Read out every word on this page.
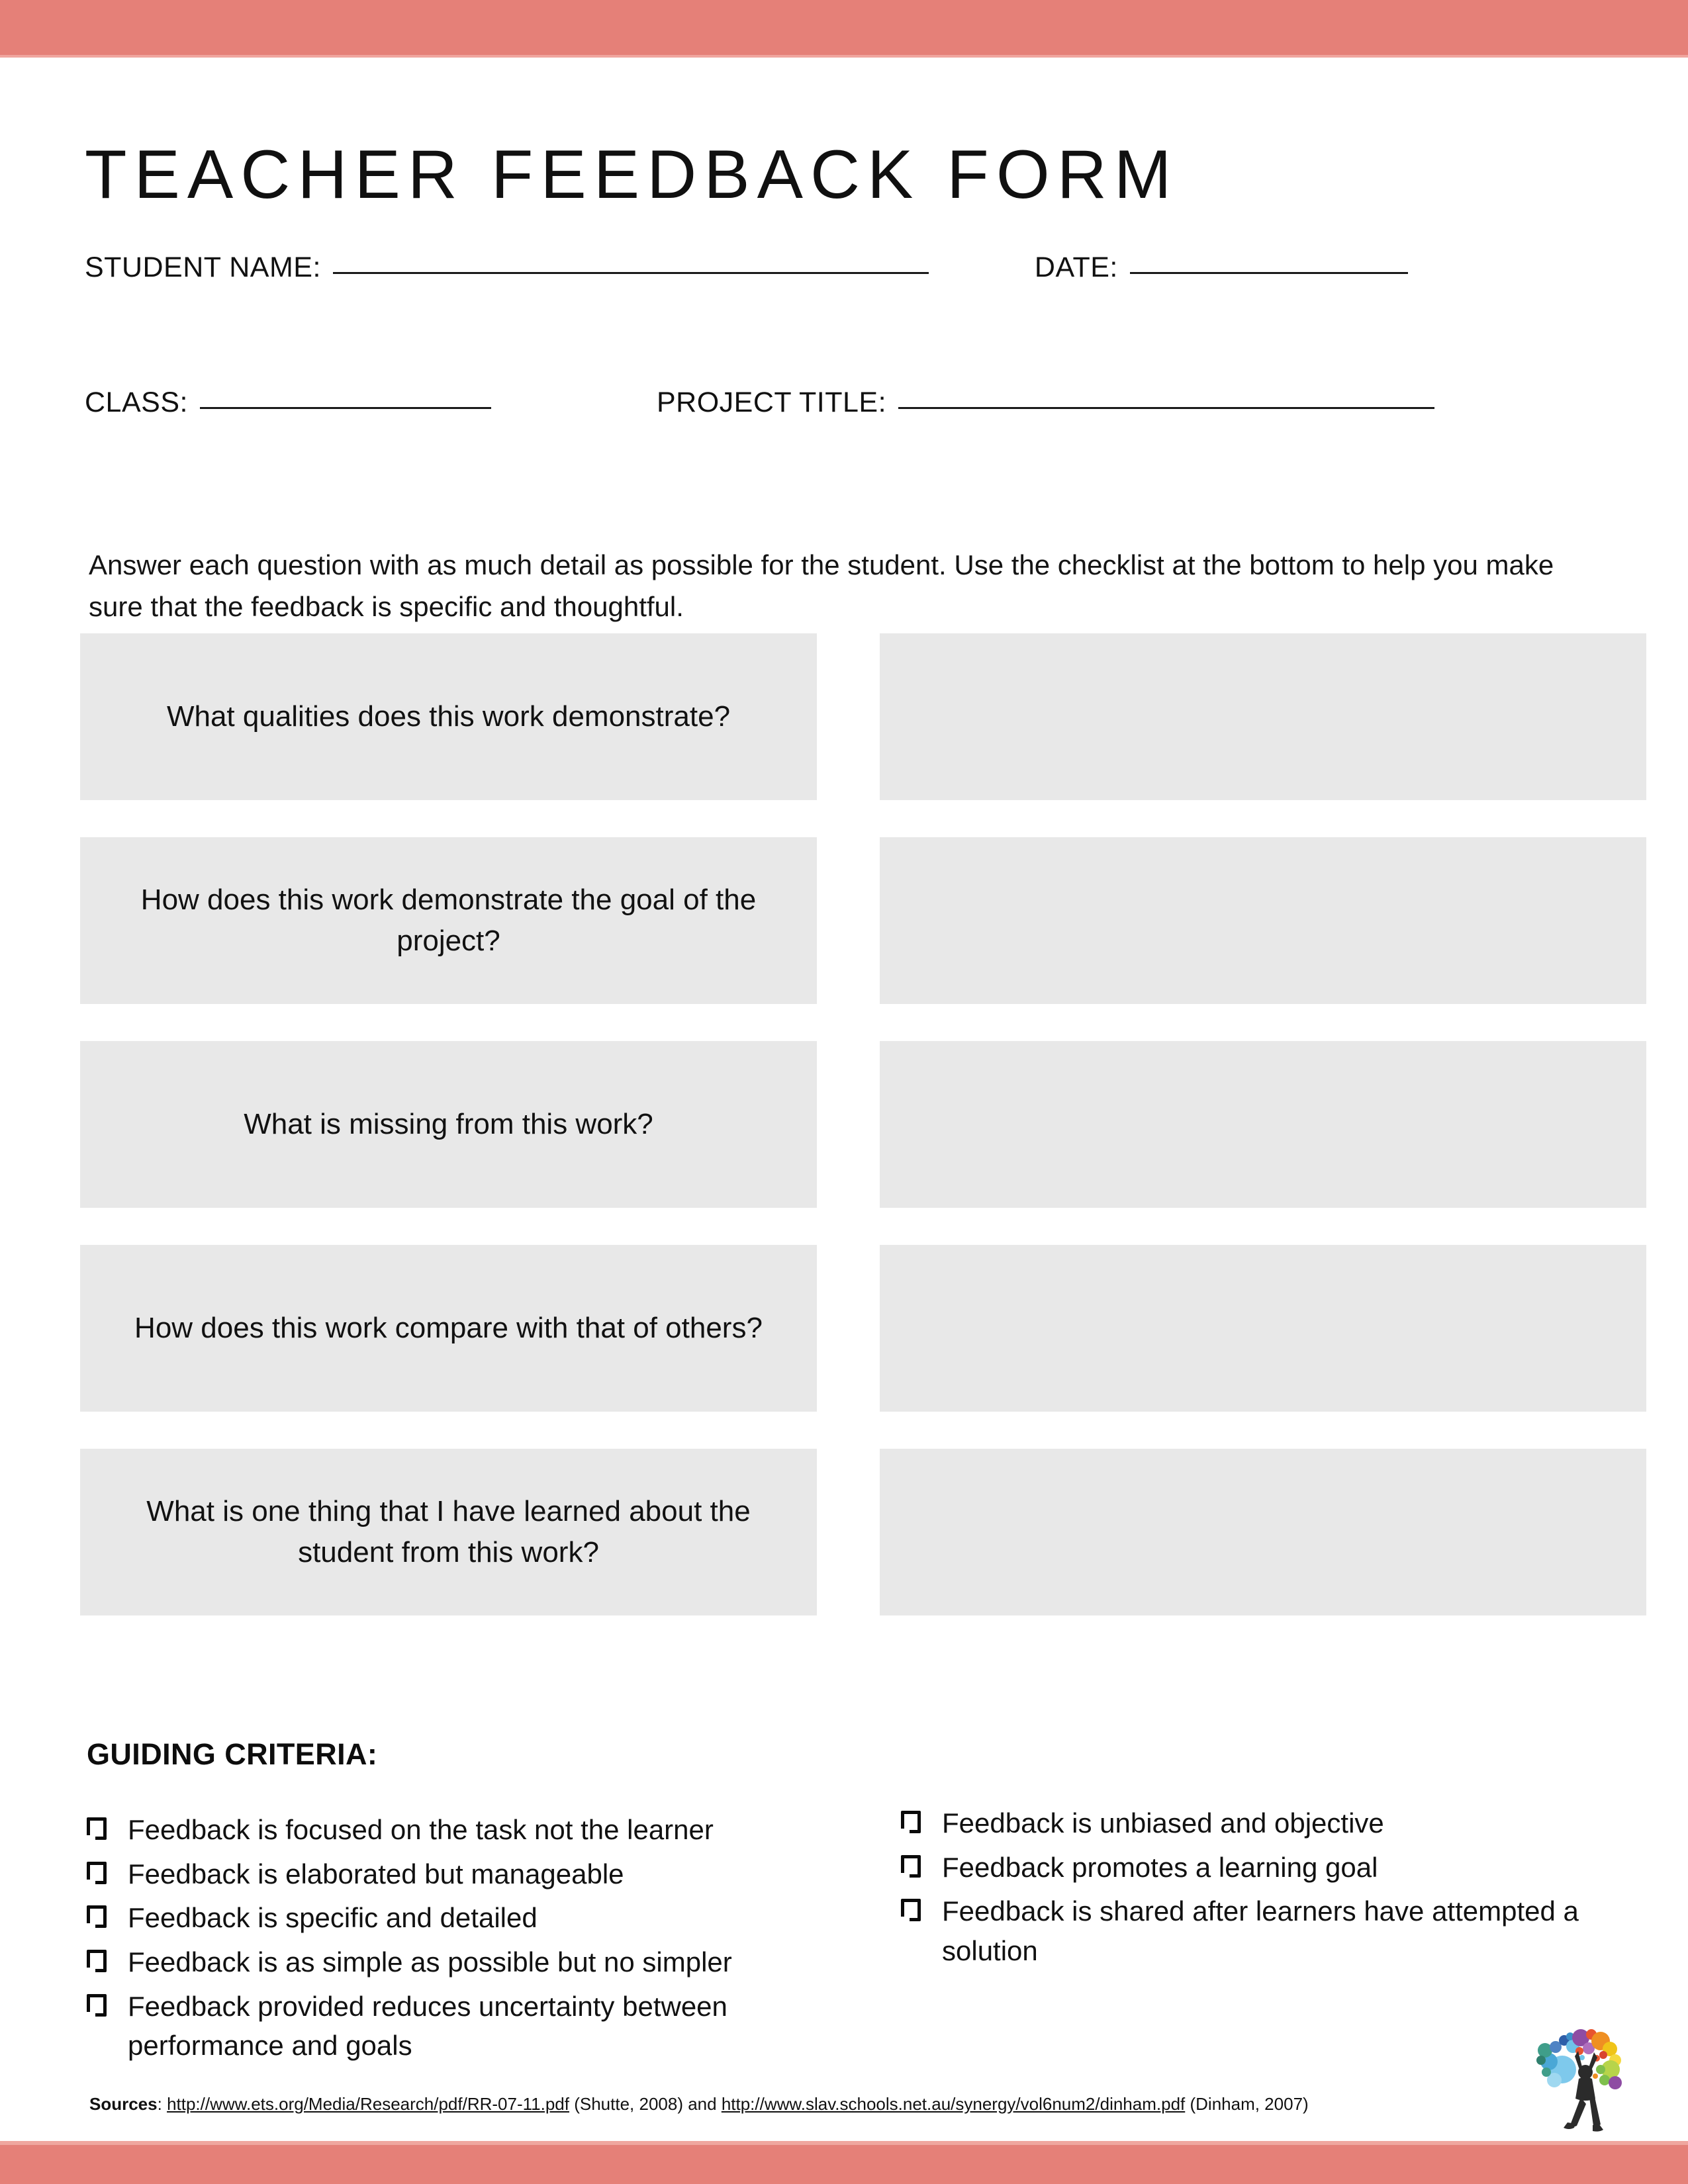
TEACHER FEEDBACK FORM
STUDENT NAME:	DATE:
CLASS:	PROJECT TITLE:

Answer each question with as much detail as possible for the student. Use the checklist at the bottom to help you make sure that the feedback is specific and thoughtful.

What qualities does this work demonstrate?
How does this work demonstrate the goal of the project?
What is missing from this work?
How does this work compare with that of others?
What is one thing that I have learned about the student from this work?
GUIDING CRITERIA:
Feedback is focused on the task not the learner
Feedback is elaborated but manageable
Feedback is specific and detailed
Feedback is as simple as possible but no simpler
Feedback provided reduces uncertainty between performance and goals
Feedback is unbiased and objective
Feedback promotes a learning goal
Feedback is shared after learners have attempted a solution
Sources: http://www.ets.org/Media/Research/pdf/RR-07-11.pdf (Shutte, 2008) and http://www.slav.schools.net.au/synergy/vol6num2/dinham.pdf (Dinham, 2007)
